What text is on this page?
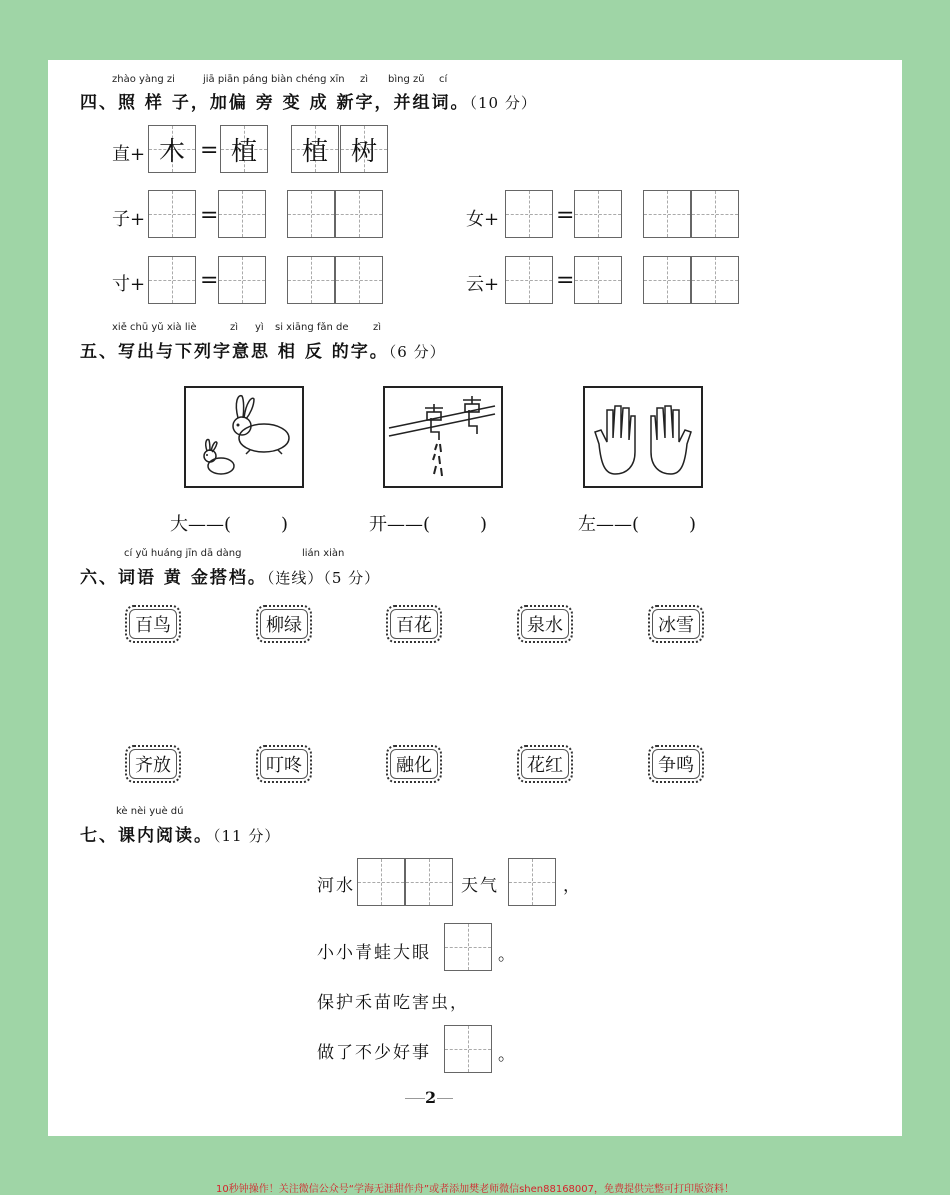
zhào yàng zi	jiā piān páng biàn chéng xīn zì bìng zǔ cí
四、照 样 子，加偏 旁 变 成 新字，并组词。（10 分）
直+ 木 = 植	植 树
子+ =	女+	=
寸+ =	云+	=
xiě chū yǔ xià liè	zì yì si xiāng fǎn de zì
五、写出与下列字意思 相 反 的字。（6 分）
大——(	)	开——(	)	左——(	)
cí yǔ huáng jīn dā dàng	lián xiàn
六、词语 黄 金搭档。（连线）（5 分）
百鸟	柳绿	百花	泉水	冰雪
齐放	叮咚	融化	花红	争鸣
kè nèi yuè dú
七、课内阅读。（11 分）
河水	天气	，
小小青蛙大眼	。
保护禾苗吃害虫，
做了不少好事	。
2
10秒钟操作！关注微信公众号“学海无涯甜作舟”或者添加樊老师微信shen88168007，免费提供完整可打印版资料！
